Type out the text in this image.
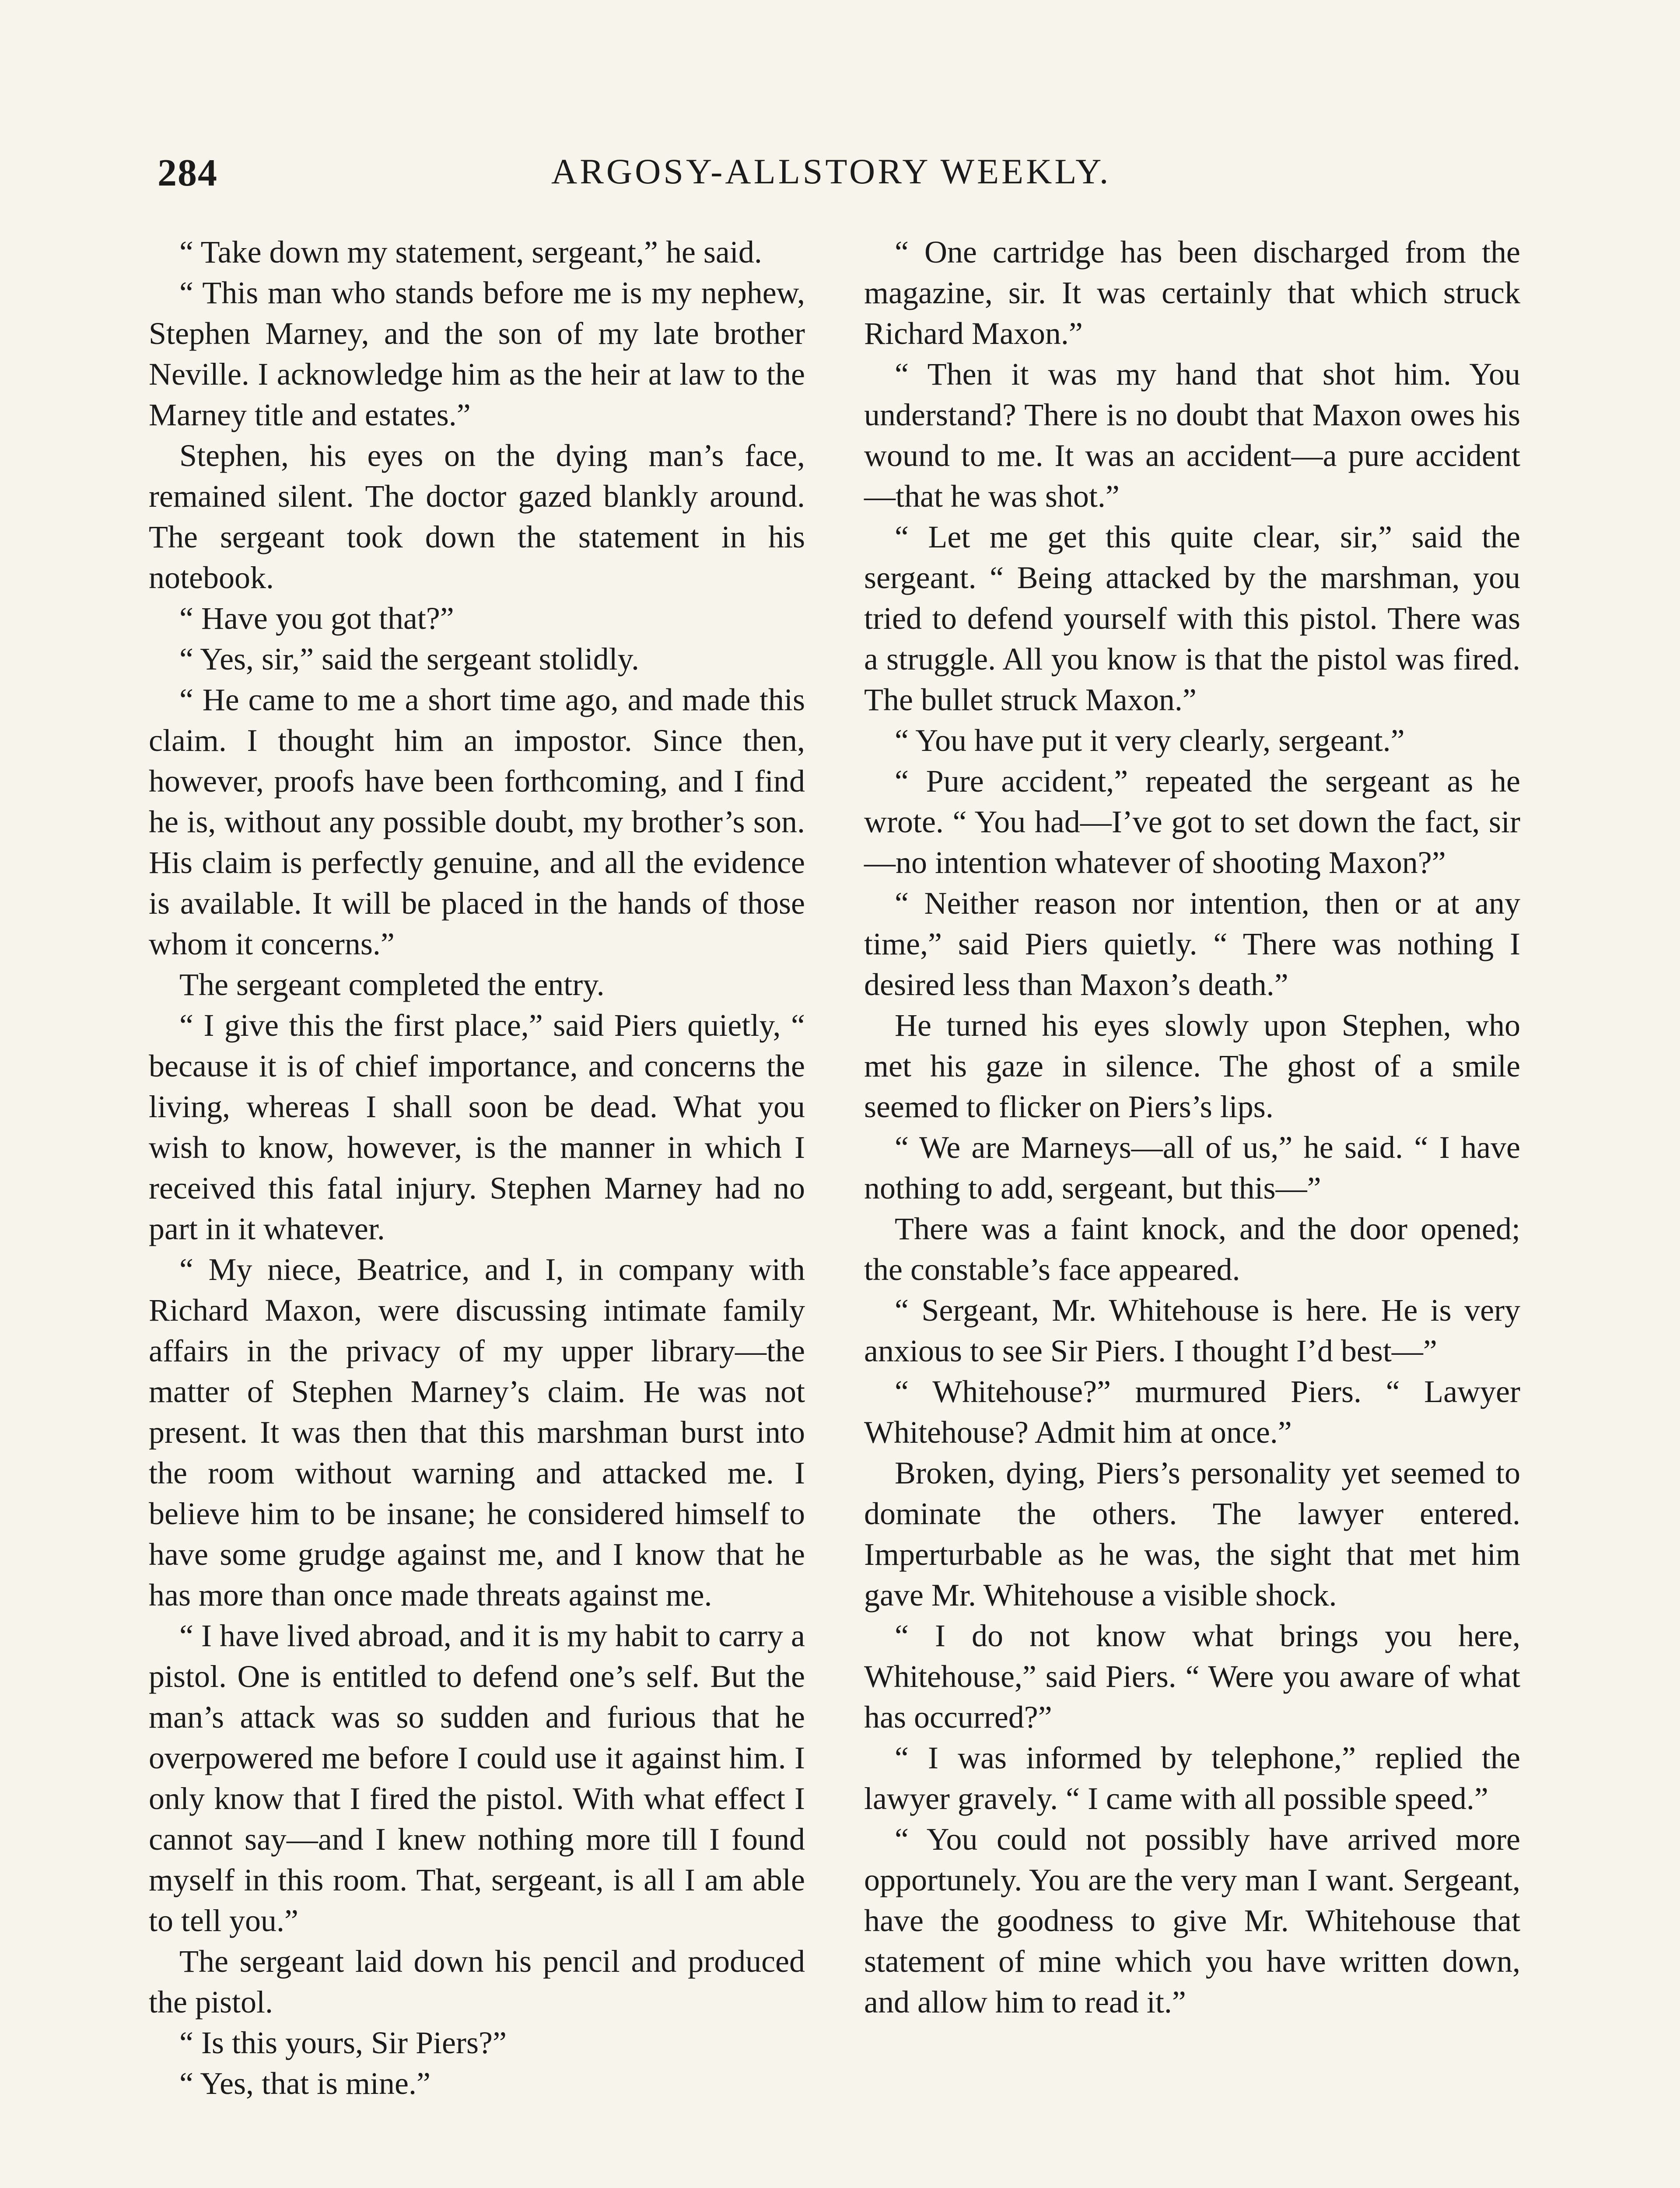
284	ARGOSY-ALLSTORY WEEKLY.

“ Take down my statement, sergeant,” he said.

“ This man who stands before me is my nephew, Stephen Marney, and the son of my late brother Neville. I acknowledge him as the heir at law to the Marney title and estates.”

Stephen, his eyes on the dying man’s face, remained silent. The doctor gazed blankly around. The sergeant took down the statement in his notebook.

“ Have you got that?”

“ Yes, sir,” said the sergeant stolidly.

“ He came to me a short time ago, and made this claim. I thought him an impostor. Since then, however, proofs have been forthcoming, and I find he is, without any possible doubt, my brother’s son. His claim is perfectly genuine, and all the evidence is available. It will be placed in the hands of those whom it concerns.”

The sergeant completed the entry.

“ I give this the first place,” said Piers quietly, “ because it is of chief importance, and concerns the living, whereas I shall soon be dead. What you wish to know, however, is the manner in which I received this fatal injury. Stephen Marney had no part in it whatever.

“ My niece, Beatrice, and I, in company with Richard Maxon, were discussing intimate family affairs in the privacy of my upper library—the matter of Stephen Marney’s claim. He was not present. It was then that this marshman burst into the room without warning and attacked me. I believe him to be insane; he considered himself to have some grudge against me, and I know that he has more than once made threats against me.

“ I have lived abroad, and it is my habit to carry a pistol. One is entitled to defend one’s self. But the man’s attack was so sudden and furious that he overpowered me before I could use it against him. I only know that I fired the pistol. With what effect I cannot say—and I knew nothing more till I found myself in this room. That, sergeant, is all I am able to tell you.”

The sergeant laid down his pencil and produced the pistol.

“ Is this yours, Sir Piers?”

“ Yes, that is mine.”

“ One cartridge has been discharged from the magazine, sir. It was certainly that which struck Richard Maxon.”

“ Then it was my hand that shot him. You understand? There is no doubt that Maxon owes his wound to me. It was an accident—a pure accident—that he was shot.”

“ Let me get this quite clear, sir,” said the sergeant. “ Being attacked by the marshman, you tried to defend yourself with this pistol. There was a struggle. All you know is that the pistol was fired. The bullet struck Maxon.”

“ You have put it very clearly, sergeant.”

“ Pure accident,” repeated the sergeant as he wrote. “ You had—I’ve got to set down the fact, sir—no intention whatever of shooting Maxon?”

“ Neither reason nor intention, then or at any time,” said Piers quietly. “ There was nothing I desired less than Maxon’s death.”

He turned his eyes slowly upon Stephen, who met his gaze in silence. The ghost of a smile seemed to flicker on Piers’s lips.

“ We are Marneys—all of us,” he said. “ I have nothing to add, sergeant, but this—”

There was a faint knock, and the door opened; the constable’s face appeared.

“ Sergeant, Mr. Whitehouse is here. He is very anxious to see Sir Piers. I thought I’d best—”

“ Whitehouse?” murmured Piers. “ Lawyer Whitehouse? Admit him at once.”

Broken, dying, Piers’s personality yet seemed to dominate the others. The lawyer entered. Imperturbable as he was, the sight that met him gave Mr. Whitehouse a visible shock.

“ I do not know what brings you here, Whitehouse,” said Piers. “ Were you aware of what has occurred?”

“ I was informed by telephone,” replied the lawyer gravely. “ I came with all possible speed.”

“ You could not possibly have arrived more opportunely. You are the very man I want. Sergeant, have the goodness to give Mr. Whitehouse that statement of mine which you have written down, and allow him to read it.”
